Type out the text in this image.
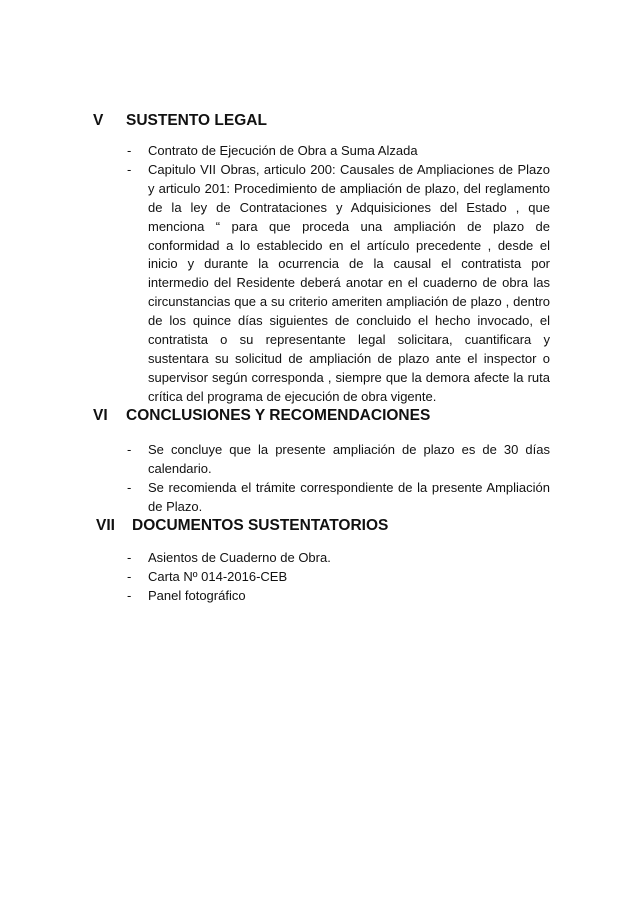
V SUSTENTO LEGAL
- Contrato de Ejecución de Obra a Suma Alzada
- Capitulo VII Obras, articulo 200: Causales de Ampliaciones de Plazo y articulo 201: Procedimiento de ampliación de plazo, del reglamento de la ley de Contrataciones y Adquisiciones del Estado , que menciona “ para que proceda una ampliación de plazo de conformidad a lo establecido en el artículo precedente , desde el inicio y durante la ocurrencia de la causal el contratista por intermedio del Residente deberá anotar en el cuaderno de obra las circunstancias que a su criterio ameriten ampliación de plazo , dentro de los quince días siguientes de concluido el hecho invocado, el contratista o su representante legal solicitara, cuantificara y sustentara su solicitud de ampliación de plazo ante el inspector o supervisor según corresponda , siempre que la demora afecte la ruta crítica del programa de ejecución de obra vigente.
VI CONCLUSIONES Y RECOMENDACIONES
- Se concluye que la presente ampliación de plazo es de 30 días calendario.
- Se recomienda el trámite correspondiente de la presente Ampliación de Plazo.
VII DOCUMENTOS SUSTENTATORIOS
- Asientos de Cuaderno de Obra.
- Carta Nº 014-2016-CEB
- Panel fotográfico
